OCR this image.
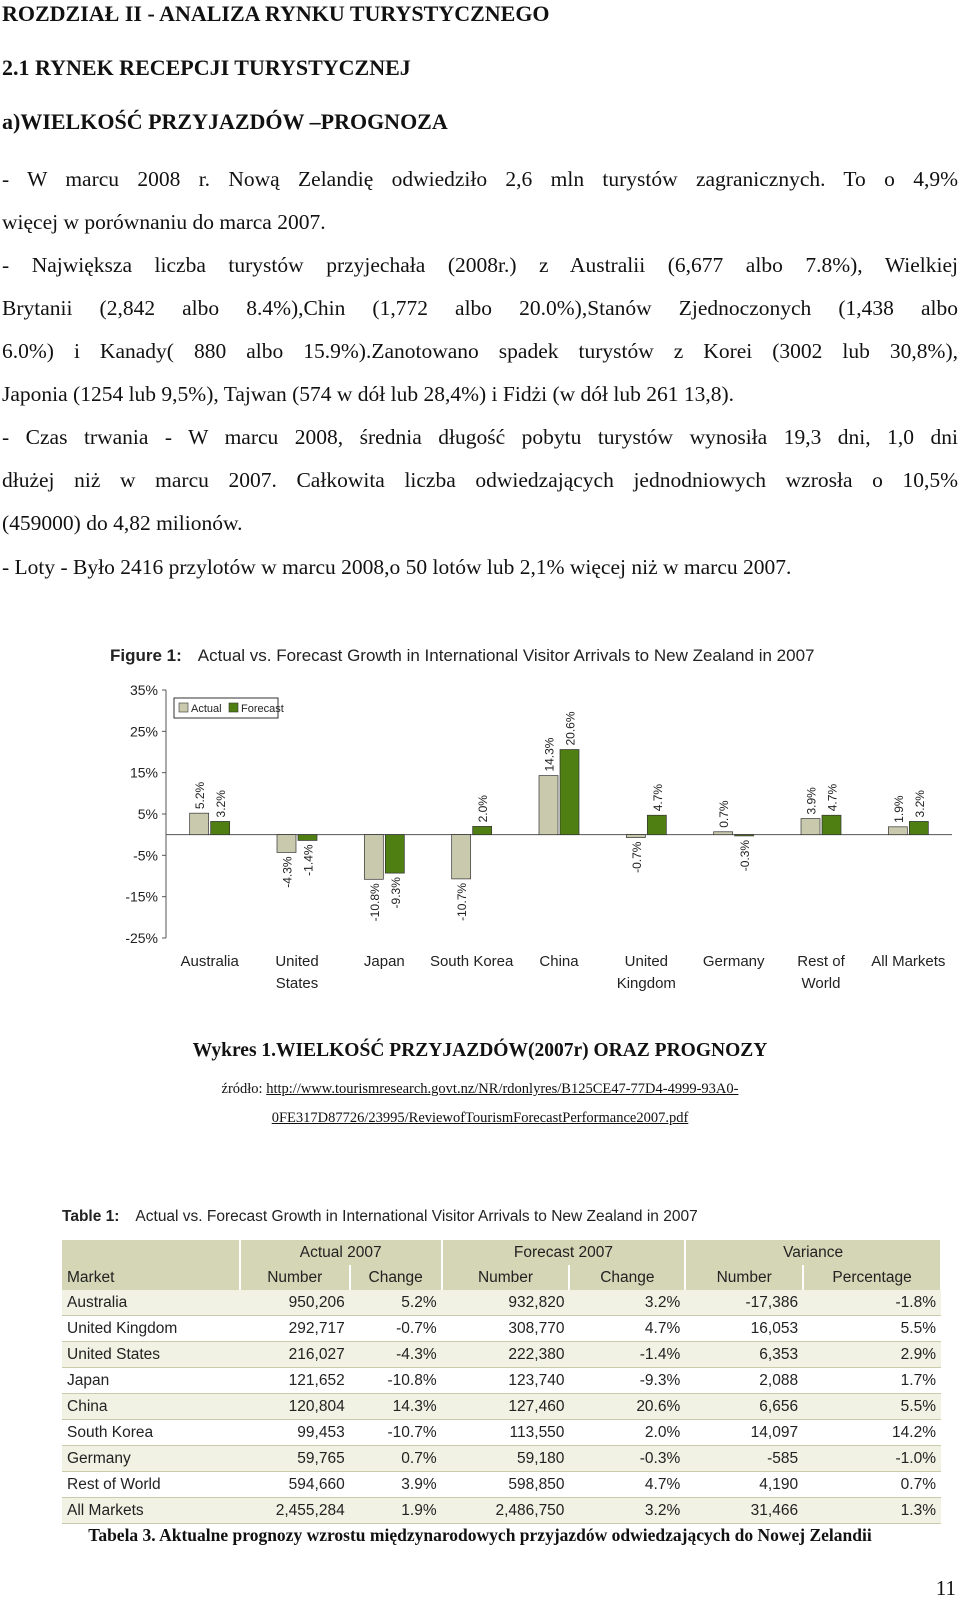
ROZDZIAŁ II - ANALIZA RYNKU TURYSTYCZNEGO
2.1 RYNEK RECEPCJI TURYSTYCZNEJ
a)WIELKOŚĆ PRZYJAZDÓW –PROGNOZA
- W marcu 2008 r. Nową Zelandię odwiedziło 2,6 mln turystów zagranicznych. To o 4,9%
więcej w porównaniu do marca 2007.
- Największa liczba turystów przyjechała (2008r.) z Australii (6,677 albo 7.8%), Wielkiej
Brytanii (2,842 albo 8.4%),Chin (1,772 albo 20.0%),Stanów Zjednoczonych (1,438 albo
6.0%) i Kanady( 880 albo 15.9%).Zanotowano spadek turystów z Korei (3002 lub 30,8%),
Japonia (1254 lub 9,5%), Tajwan (574 w dół lub 28,4%) i Fidżi (w dół lub 261 13,8).
- Czas trwania - W marcu 2008, średnia długość pobytu turystów wynosiła 19,3 dni, 1,0 dni
dłużej niż w marcu 2007. Całkowita liczba odwiedzających jednodniowych wzrosła o 10,5%
(459000) do 4,82 milionów.
- Loty - Było 2416 przylotów w marcu 2008,o 50 lotów lub 2,1% więcej niż w marcu 2007.
Figure 1: Actual vs. Forecast Growth in International Visitor Arrivals to New Zealand in 2007
35%
25%
15%
5%
-5%
-15%
-25%
Actual Forecast
5.2% 3.2%
Australia
-4.3% -1.4%
United
States
-10.8% -9.3%
Japan
-10.7%
2.0%
South Korea
14.3%
20.6%
China
-0.7%
4.7%
United
Kingdom
0.7%
-0.3%
Germany
3.9% 4.7%
Rest of
World
1.9% 3.2%
All Markets

Wykres 1.WIELKOŚĆ PRZYJAZDÓW(2007r) ORAZ PROGNOZY

źródło: http://www.tourismresearch.govt.nz/NR/rdonlyres/B125CE47-77D4-4999-93A0-
0FE317D87726/23995/ReviewofTourismForecastPerformance2007.pdf

Table 1: Actual vs. Forecast Growth in International Visitor Arrivals to New Zealand in 2007
	Actual 2007		Forecast 2007		Variance	
Market	Number	Change	Number	Change	Number	Percentage
Australia	950,206	5.2%	932,820	3.2%	-17,386	-1.8%
United Kingdom	292,717	-0.7%	308,770	4.7%	16,053	5.5%
United States	216,027	-4.3%	222,380	-1.4%	6,353	2.9%
Japan	121,652	-10.8%	123,740	-9.3%	2,088	1.7%
China	120,804	14.3%	127,460	20.6%	6,656	5.5%
South Korea	99,453	-10.7%	113,550	2.0%	14,097	14.2%
Germany	59,765	0.7%	59,180	-0.3%	-585	-1.0%
Rest of World	594,660	3.9%	598,850	4.7%	4,190	0.7%
All Markets	2,455,284	1.9%	2,486,750	3.2%	31,466	1.3%

Tabela 3. Aktualne prognozy wzrostu międzynarodowych przyjazdów odwiedzających do Nowej Zelandii

11
